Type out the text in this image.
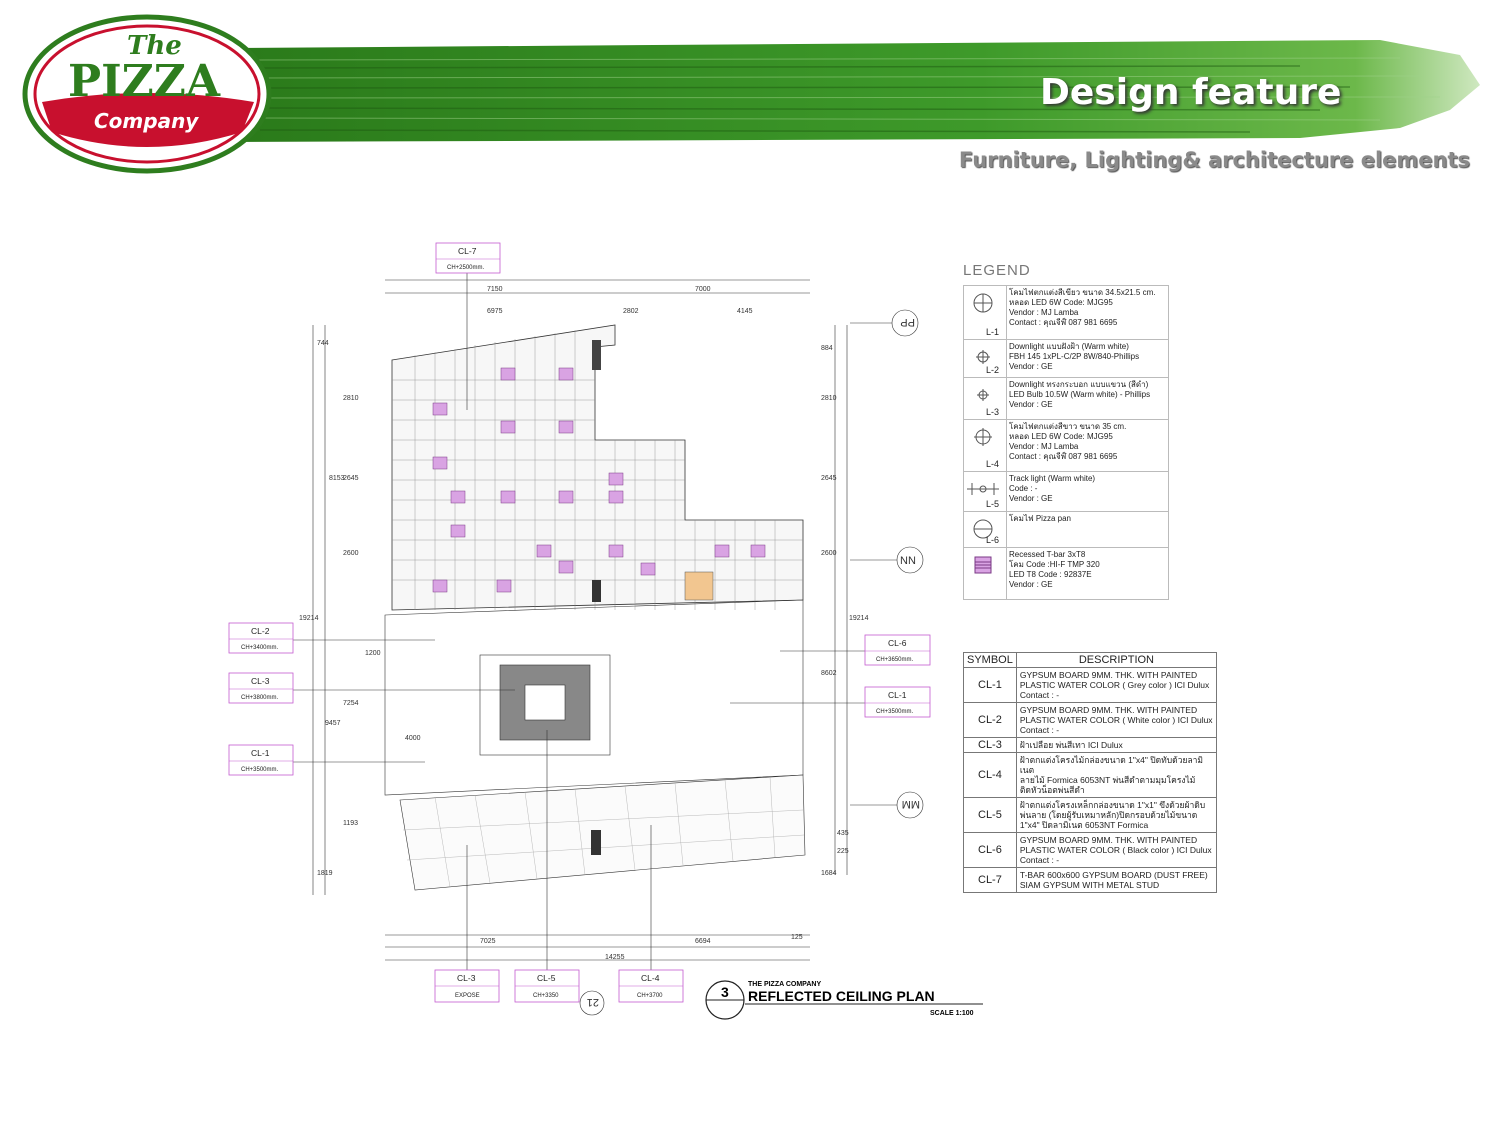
The
PIZZA
Company
Design feature
Furniture, Lighting& architecture elements
7150	7000
6975	2802	4145
7025	6694
14255
125
744
2810
8153
2645
2600
19214
1200
7254
9457
4000
1193
1819
884
2810
2645
2600
19214
8602
1684
435
225
PP
NN
MM
21
CL-7
CH+2500mm.
CL-2
CH+3400mm.
CL-3
CH+3800mm.
CL-1
CH+3500mm.
CL-6
CH+3650mm.
CL-1
CH+3500mm.
CL-3
EXPOSE
CL-5
CH+3350
CL-4
CH+3700	3	THE PIZZA COMPANY
REFLECTED CEILING PLAN
SCALE 1:100
LEGEND
L-1	โคมไฟตกแต่งสีเขียว ขนาด 34.5x21.5 cm.
หลอด LED 6W Code: MJG95
Vendor : MJ Lamba
Contact : คุณจีฬ์ 087 981 6695

L-2	Downlight แบบฝังฝ้า (Warm white)
FBH 145 1xPL-C/2P 8W/840-Phillips
Vendor : GE

L-3	Downlight ทรงกระบอก แบบแขวน (สีดำ)
LED Bulb 10.5W (Warm white) - Phillips
Vendor : GE

L-4	โคมไฟตกแต่งสีขาว ขนาด 35 cm.
หลอด LED 6W Code: MJG95
Vendor : MJ Lamba
Contact : คุณจีฬ์ 087 981 6695

L-5	Track light (Warm white)
Code : -
Vendor : GE

L-6	โคมไฟ Pizza pan

Recessed T-bar 3xT8
โคม Code :HI-F TMP 320
LED T8 Code : 92837E
Vendor : GE
SYMBOL	DESCRIPTION
CL-1	GYPSUM BOARD 9MM. THK. WITH PAINTED
PLASTIC WATER COLOR ( Grey color ) ICI Dulux
Contact : -

CL-2	GYPSUM BOARD 9MM. THK. WITH PAINTED
PLASTIC WATER COLOR ( White color ) ICI Dulux
Contact : -

CL-3	ฝ้าเปลือย พ่นสีเทา ICI Dulux

CL-4	ฝ้าตกแต่งโครงไม้กล่องขนาด 1"x4" ปิดทับด้วยลามิเนต
ลายไม้ Formica 6053NT พ่นสีดำตามมุมโครงไม้
ติดหัวน็อตพ่นสีดำ

CL-5	ฝ้าตกแต่งโครงเหล็กกล่องขนาด 1"x1" ขึงด้วยผ้าดิบ
พ่นลาย (โดยผู้รับเหมาหลัก)ปิดกรอบด้วยไม้ขนาด
1"x4" ปิดลามิเนต 6053NT Formica

CL-6	GYPSUM BOARD 9MM. THK. WITH PAINTED
PLASTIC WATER COLOR ( Black color ) ICI Dulux
Contact : -

CL-7	T-BAR 600x600 GYPSUM BOARD (DUST FREE)
SIAM GYPSUM WITH METAL STUD
